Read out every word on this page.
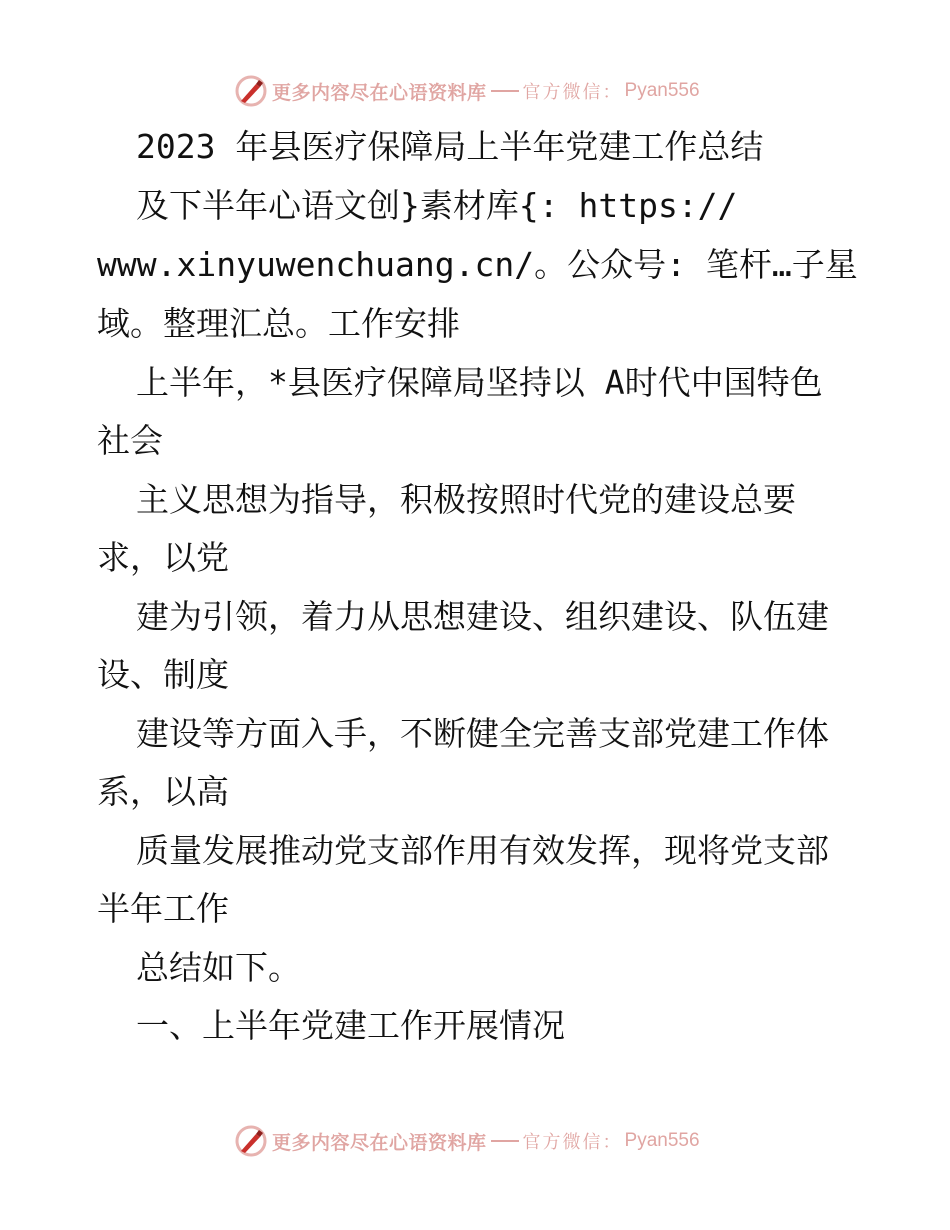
更多内容尽在心语资料库 官方微信： Pyan556

2023 年县医疗保障局上半年党建工作总结

及下半年心语文创}素材库{: https://

www.xinyuwenchuang.cn/。公众号: 笔杆…子星

域。整理汇总。工作安排

上半年，*县医疗保障局坚持以 A时代中国特色

社会

主义思想为指导，积极按照时代党的建设总要

求，以党

建为引领，着力从思想建设、组织建设、队伍建

设、制度

建设等方面入手，不断健全完善支部党建工作体

系，以高

质量发展推动党支部作用有效发挥，现将党支部

半年工作

总结如下。

一、上半年党建工作开展情况

更多内容尽在心语资料库 官方微信： Pyan556
